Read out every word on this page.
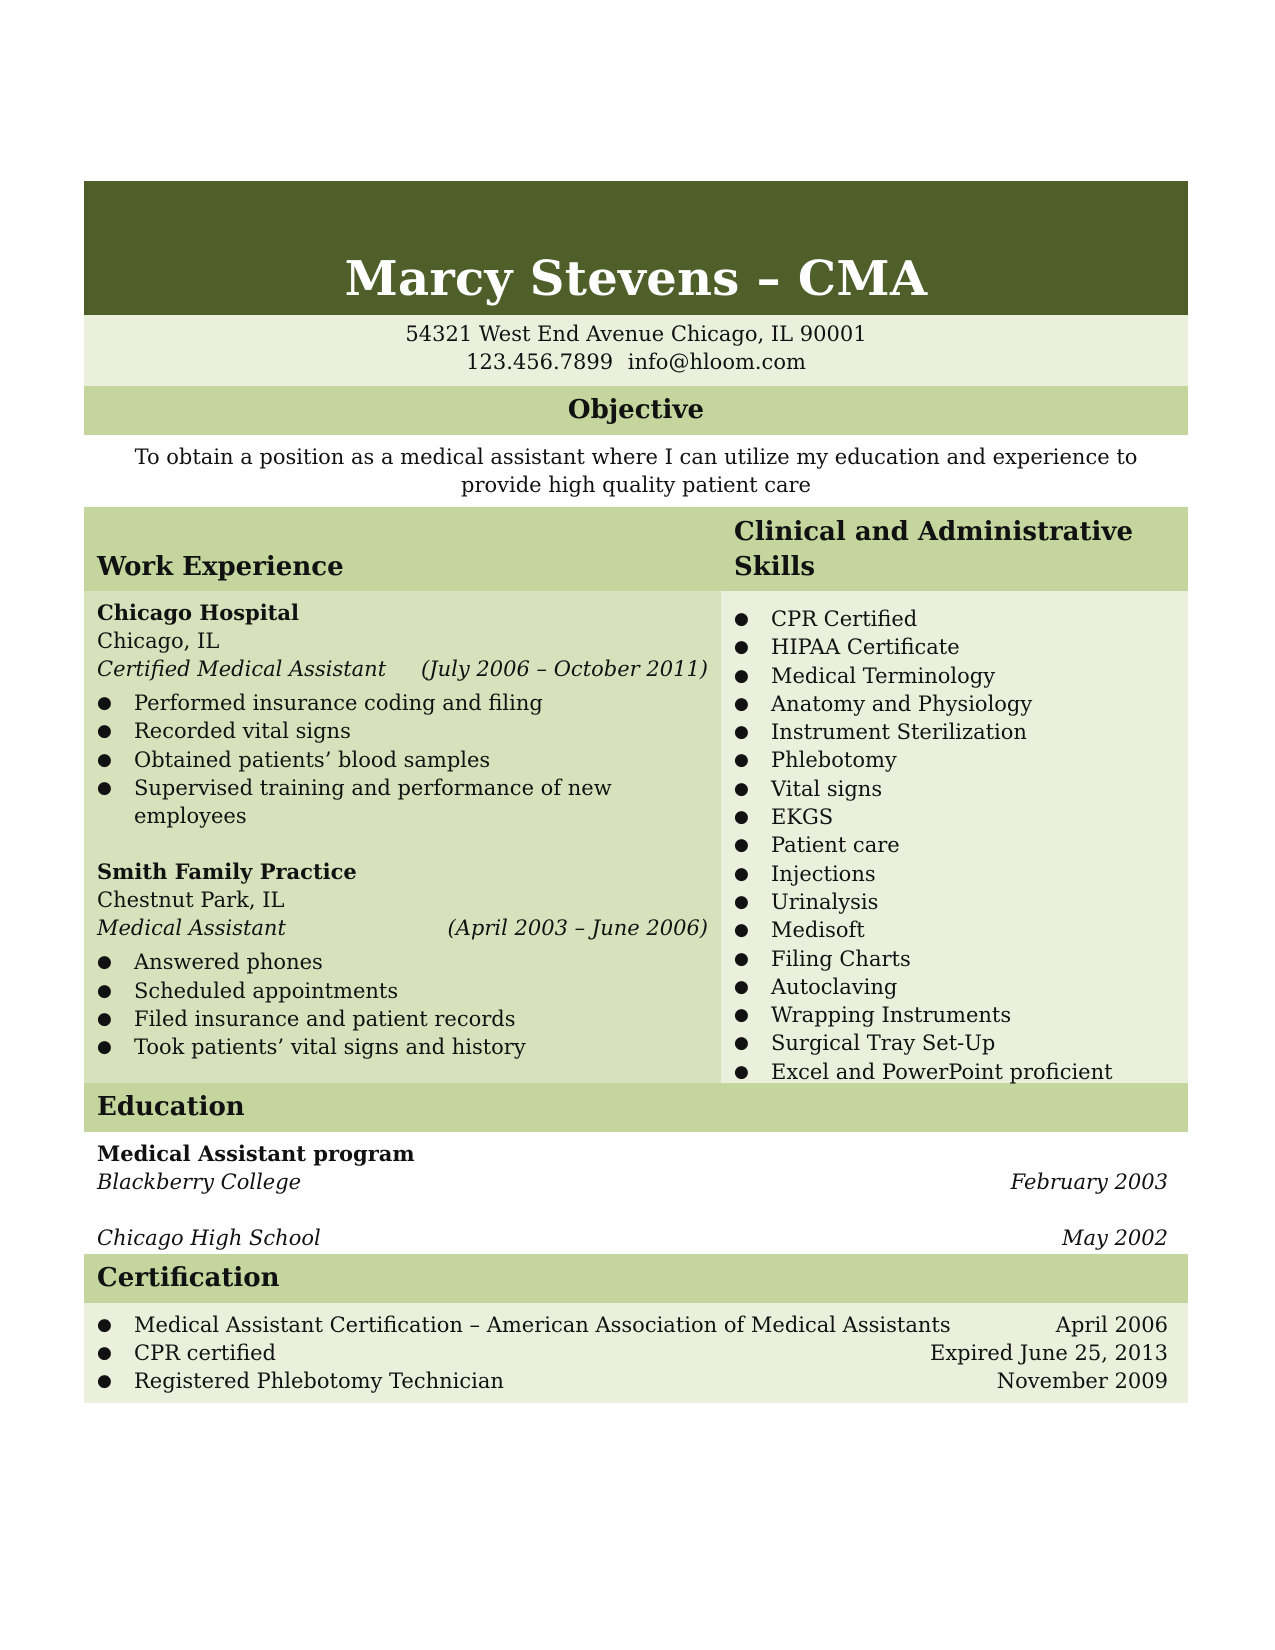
Marcy Stevens – CMA
54321 West End Avenue Chicago, IL 90001
123.456.7899 info@hloom.com
Objective
To obtain a position as a medical assistant where I can utilize my education and experience to provide high quality patient care
Work Experience
Chicago Hospital
Chicago, IL
Certified Medical Assistant (July 2006 – October 2011)
● Performed insurance coding and filing
● Recorded vital signs
● Obtained patients’ blood samples
● Supervised training and performance of new employees
Smith Family Practice
Chestnut Park, IL
Medical Assistant	(April 2003 – June 2006)
● Answered phones
● Scheduled appointments
● Filed insurance and patient records
● Took patients’ vital signs and history
Clinical and Administrative Skills
● CPR Certified
● HIPAA Certificate
● Medical Terminology
● Anatomy and Physiology
● Instrument Sterilization
● Phlebotomy
● Vital signs
● EKGS
● Patient care
● Injections
● Urinalysis
● Medisoft
● Filing Charts
● Autoclaving
● Wrapping Instruments
● Surgical Tray Set-Up
● Excel and PowerPoint proficient
Education
Medical Assistant program
Blackberry College	February 2003
Chicago High School	May 2002
Certification
● Medical Assistant Certification – American Association of Medical Assistants	April 2006
● CPR certified	Expired June 25, 2013
● Registered Phlebotomy Technician	November 2009
